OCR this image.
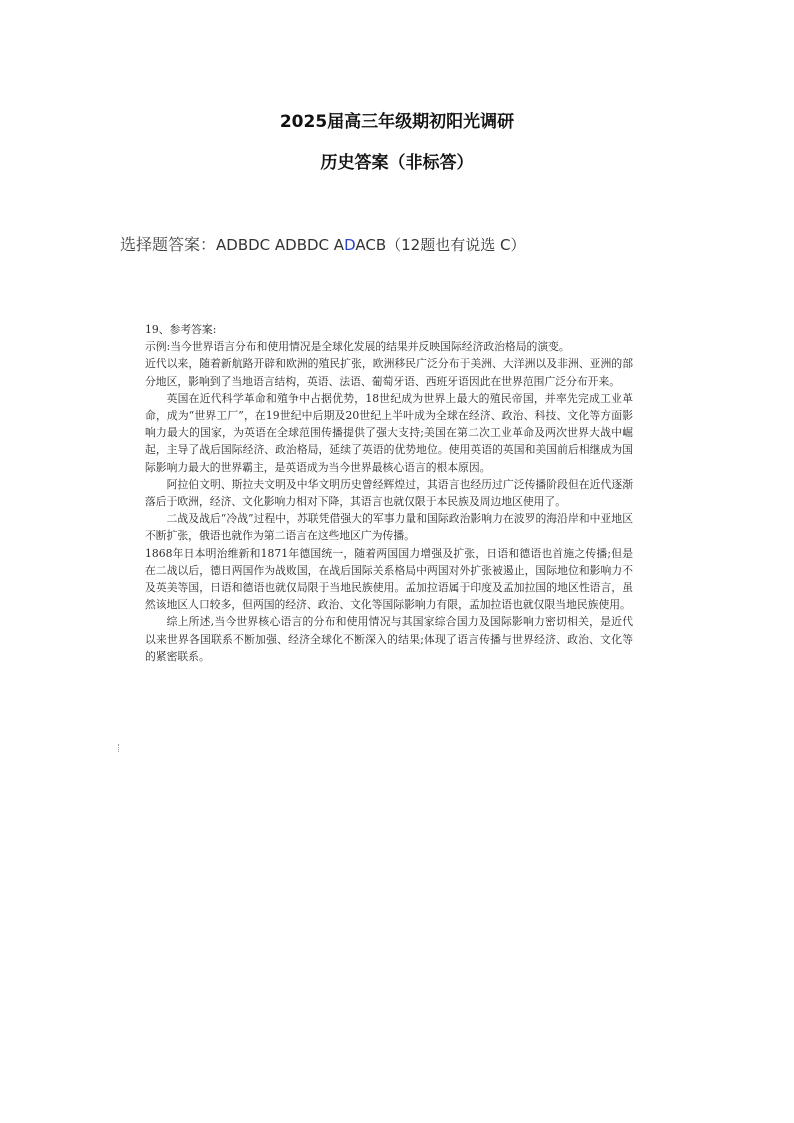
2025届高三年级期初阳光调研
历史答案（非标答）
选择题答案：ADBDC ADBDC ADACB（12题也有说选 C）

19、参考答案:

示例:当今世界语言分布和使用情况是全球化发展的结果并反映国际经济政治格局的演变。

近代以来，随着新航路开辟和欧洲的殖民扩张，欧洲移民广泛分布于美洲、大洋洲以及非洲、亚洲的部分地区，影响到了当地语言结构，英语、法语、葡萄牙语、西班牙语因此在世界范围广泛分布开来。

英国在近代科学革命和殖争中占据优势，18世纪成为世界上最大的殖民帝国，并率先完成工业革命，成为“世界工厂”，在19世纪中后期及20世纪上半叶成为全球在经济、政治、科技、文化等方面影响力最大的国家，为英语在全球范围传播提供了强大支持;美国在第二次工业革命及两次世界大战中崛起，主导了战后国际经济、政治格局，延续了英语的优势地位。使用英语的英国和美国前后相继成为国际影响力最大的世界霸主，是英语成为当今世界最核心语言的根本原因。

阿拉伯文明、斯拉夫文明及中华文明历史曾经辉煌过，其语言也经历过广泛传播阶段但在近代逐渐落后于欧洲，经济、文化影响力相对下降，其语言也就仅限于本民族及周边地区使用了。

二战及战后“冷战”过程中，苏联凭借强大的军事力量和国际政治影响力在波罗的海沿岸和中亚地区不断扩张，俄语也就作为第二语言在这些地区广为传播。

1868年日本明治维新和1871年德国统一，随着两国国力增强及扩张，日语和德语也首施之传播;但是在二战以后，德日两国作为战败国，在战后国际关系格局中两国对外扩张被遏止，国际地位和影响力不及英美等国，日语和德语也就仅局限于当地民族使用。孟加拉语属于印度及孟加拉国的地区性语言，虽然该地区人口较多，但两国的经济、政治、文化等国际影响力有限，孟加拉语也就仅限当地民族使用。

综上所述,当今世界核心语言的分布和使用情况与其国家综合国力及国际影响力密切相关，是近代以来世界各国联系不断加强、经济全球化不断深入的结果;体现了语言传播与世界经济、政治、文化等的紧密联系。
